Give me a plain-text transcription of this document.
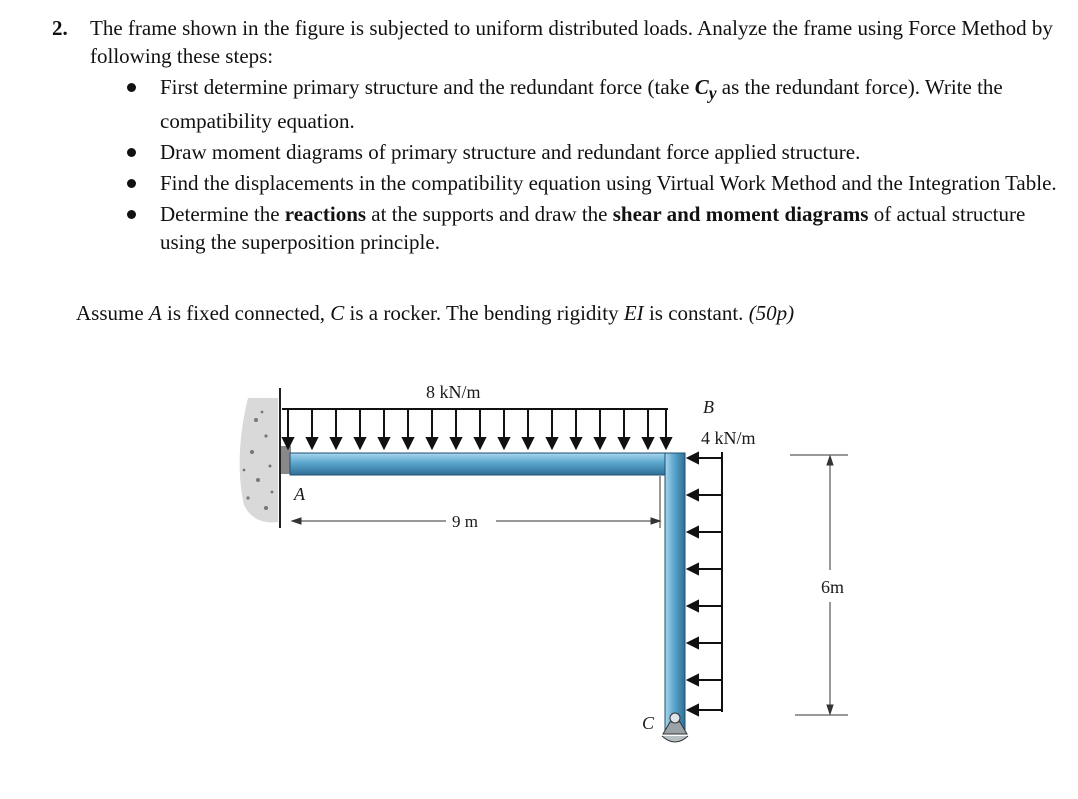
2. The frame shown in the figure is subjected to uniform distributed loads. Analyze the frame using Force Method by following these steps:
First determine primary structure and the redundant force (take $C_y$ as the redundant force). Write the compatibility equation.
Draw moment diagrams of primary structure and redundant force applied structure.
Find the displacements in the compatibility equation using Virtual Work Method and the Integration Table.
Determine the reactions at the supports and draw the shear and moment diagrams of actual structure using the superposition principle.
Assume A is fixed connected, C is a rocker. The bending rigidity EI is constant. (50p)
8 kN/m
4 kN/m
A
B
C
9 m
6m
